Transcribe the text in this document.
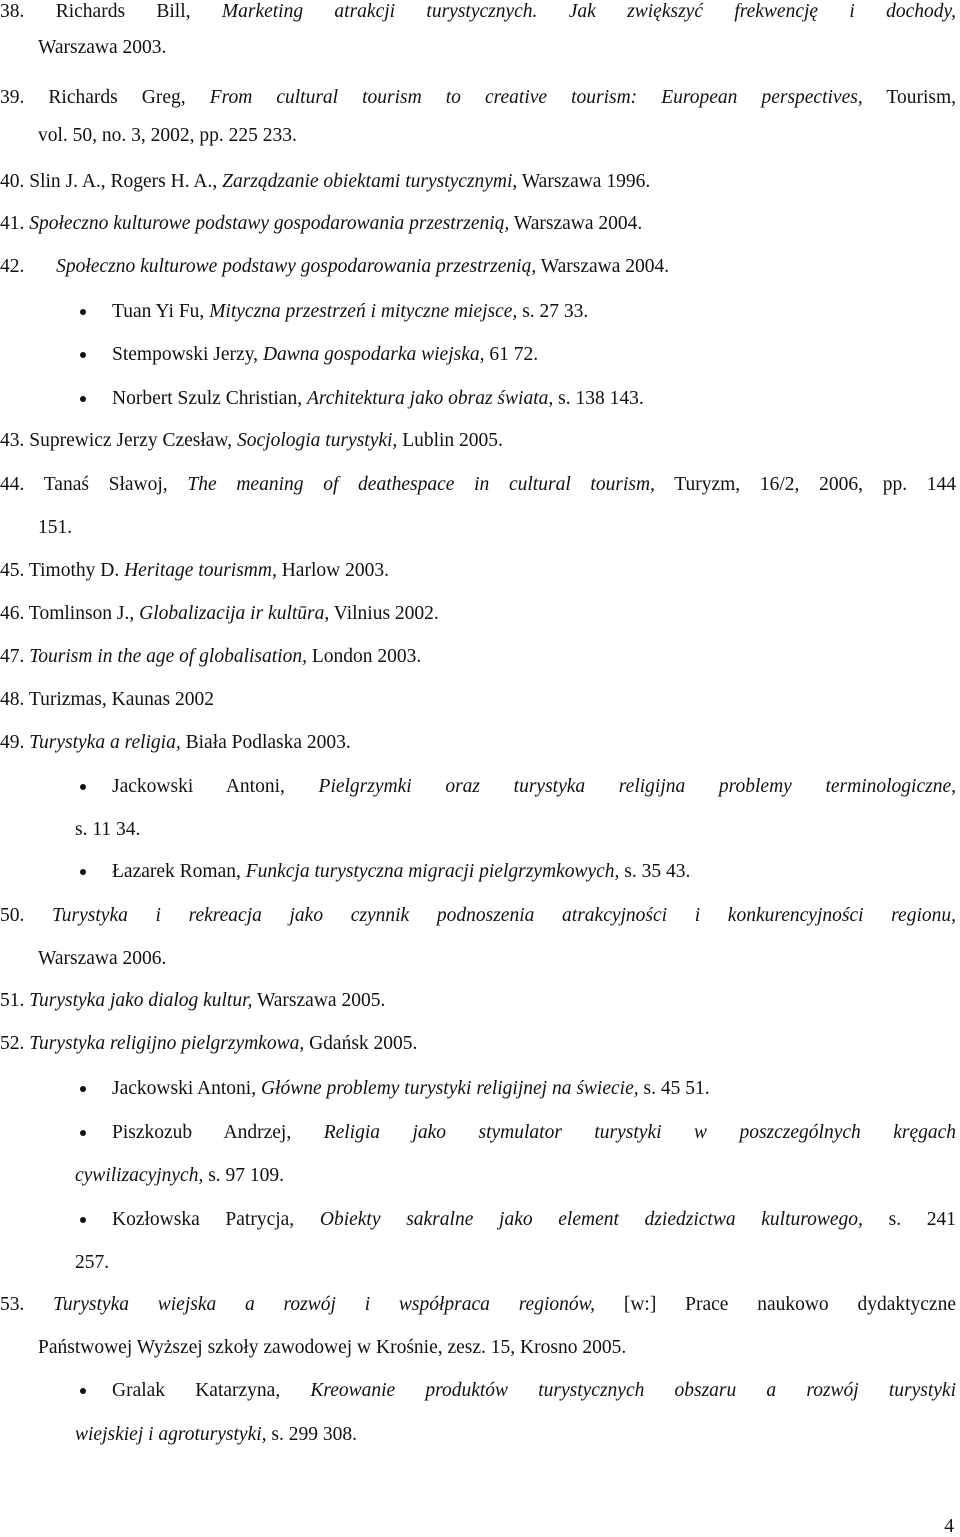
38. Richards Bill, Marketing atrakcji turystycznych. Jak zwiększyć frekwencję i dochody,
Warszawa 2003.
39. Richards Greg, From cultural tourism to creative tourism: European perspectives, Tourism,
vol. 50, no. 3, 2002, pp. 225 233.
40. Slin J. A., Rogers H. A., Zarządzanie obiektami turystycznymi, Warszawa 1996.
41. Społeczno kulturowe podstawy gospodarowania przestrzenią, Warszawa 2004.
42. Społeczno kulturowe podstawy gospodarowania przestrzenią, Warszawa 2004.
Tuan Yi Fu, Mityczna przestrzeń i mityczne miejsce, s. 27 33.
Stempowski Jerzy, Dawna gospodarka wiejska, 61 72.
Norbert Szulz Christian, Architektura jako obraz świata, s. 138 143.
43. Suprewicz Jerzy Czesław, Socjologia turystyki, Lublin 2005.
44. Tanaś Sławoj, The meaning of deathespace in cultural tourism, Turyzm, 16/2, 2006, pp. 144
151.
45. Timothy D. Heritage tourismm, Harlow 2003.
46. Tomlinson J., Globalizacija ir kultūra, Vilnius 2002.
47. Tourism in the age of globalisation, London 2003.
48. Turizmas, Kaunas 2002
49. Turystyka a religia, Biała Podlaska 2003.
Jackowski Antoni, Pielgrzymki oraz turystyka religijna problemy terminologiczne,
s. 11 34.
Łazarek Roman, Funkcja turystyczna migracji pielgrzymkowych, s. 35 43.
50. Turystyka i rekreacja jako czynnik podnoszenia atrakcyjności i konkurencyjności regionu,
Warszawa 2006.
51. Turystyka jako dialog kultur, Warszawa 2005.
52. Turystyka religijno pielgrzymkowa, Gdańsk 2005.
Jackowski Antoni, Główne problemy turystyki religijnej na świecie, s. 45 51.
Piszkozub Andrzej, Religia jako stymulator turystyki w poszczególnych kręgach
cywilizacyjnych, s. 97 109.
Kozłowska Patrycja, Obiekty sakralne jako element dziedzictwa kulturowego, s. 241
257.
53. Turystyka wiejska a rozwój i współpraca regionów, [w:] Prace naukowo dydaktyczne
Państwowej Wyższej szkoły zawodowej w Krośnie, zesz. 15, Krosno 2005.
Gralak Katarzyna, Kreowanie produktów turystycznych obszaru a rozwój turystyki
wiejskiej i agroturystyki, s. 299 308.
4
